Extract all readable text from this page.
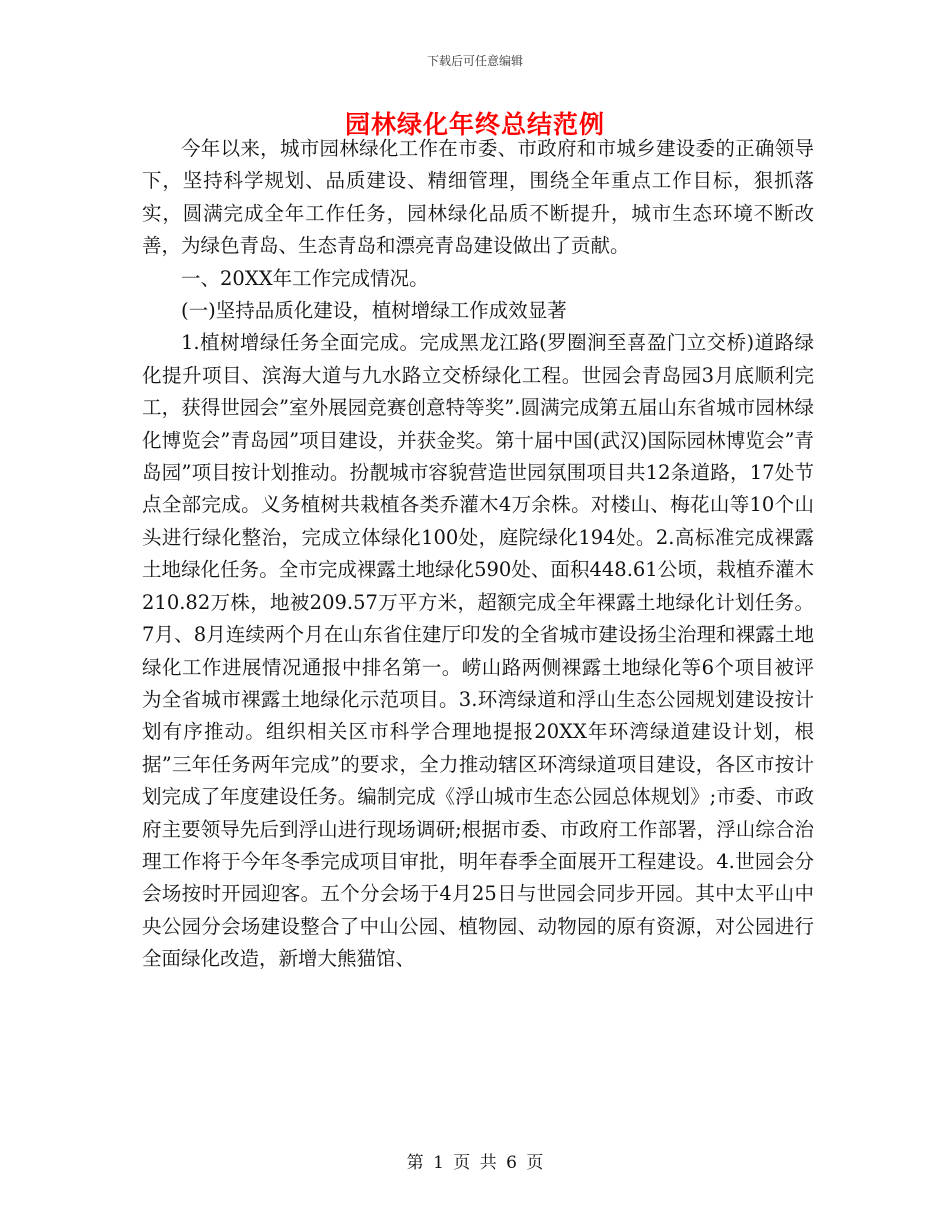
下载后可任意编辑
园林绿化年终总结范例

今年以来，城市园林绿化工作在市委、市政府和市城乡建设委的正确领导下，坚持科学规划、品质建设、精细管理，围绕全年重点工作目标，狠抓落实，圆满完成全年工作任务，园林绿化品质不断提升，城市生态环境不断改善，为绿色青岛、生态青岛和漂亮青岛建设做出了贡献。

一、20XX年工作完成情况。

(一)坚持品质化建设，植树增绿工作成效显著

1.植树增绿任务全面完成。完成黑龙江路(罗圈涧至喜盈门立交桥)道路绿化提升项目、滨海大道与九水路立交桥绿化工程。世园会青岛园3月底顺利完工，获得世园会”室外展园竞赛创意特等奖”.圆满完成第五届山东省城市园林绿化博览会”青岛园”项目建设，并获金奖。第十届中国(武汉)国际园林博览会”青岛园”项目按计划推动。扮靓城市容貌营造世园氛围项目共12条道路，17处节点全部完成。义务植树共栽植各类乔灌木4万余株。对楼山、梅花山等10个山头进行绿化整治，完成立体绿化100处，庭院绿化194处。2.高标准完成裸露土地绿化任务。全市完成裸露土地绿化590处、面积448.61公顷，栽植乔灌木210.82万株，地被209.57万平方米，超额完成全年裸露土地绿化计划任务。7月、8月连续两个月在山东省住建厅印发的全省城市建设扬尘治理和裸露土地绿化工作进展情况通报中排名第一。崂山路两侧裸露土地绿化等6个项目被评为全省城市裸露土地绿化示范项目。3.环湾绿道和浮山生态公园规划建设按计划有序推动。组织相关区市科学合理地提报20XX年环湾绿道建设计划，根据”三年任务两年完成”的要求，全力推动辖区环湾绿道项目建设，各区市按计划完成了年度建设任务。编制完成《浮山城市生态公园总体规划》;市委、市政府主要领导先后到浮山进行现场调研;根据市委、市政府工作部署，浮山综合治理工作将于今年冬季完成项目审批，明年春季全面展开工程建设。4.世园会分会场按时开园迎客。五个分会场于4月25日与世园会同步开园。其中太平山中央公园分会场建设整合了中山公园、植物园、动物园的原有资源，对公园进行全面绿化改造，新增大熊猫馆、

第 1 页 共 6 页
